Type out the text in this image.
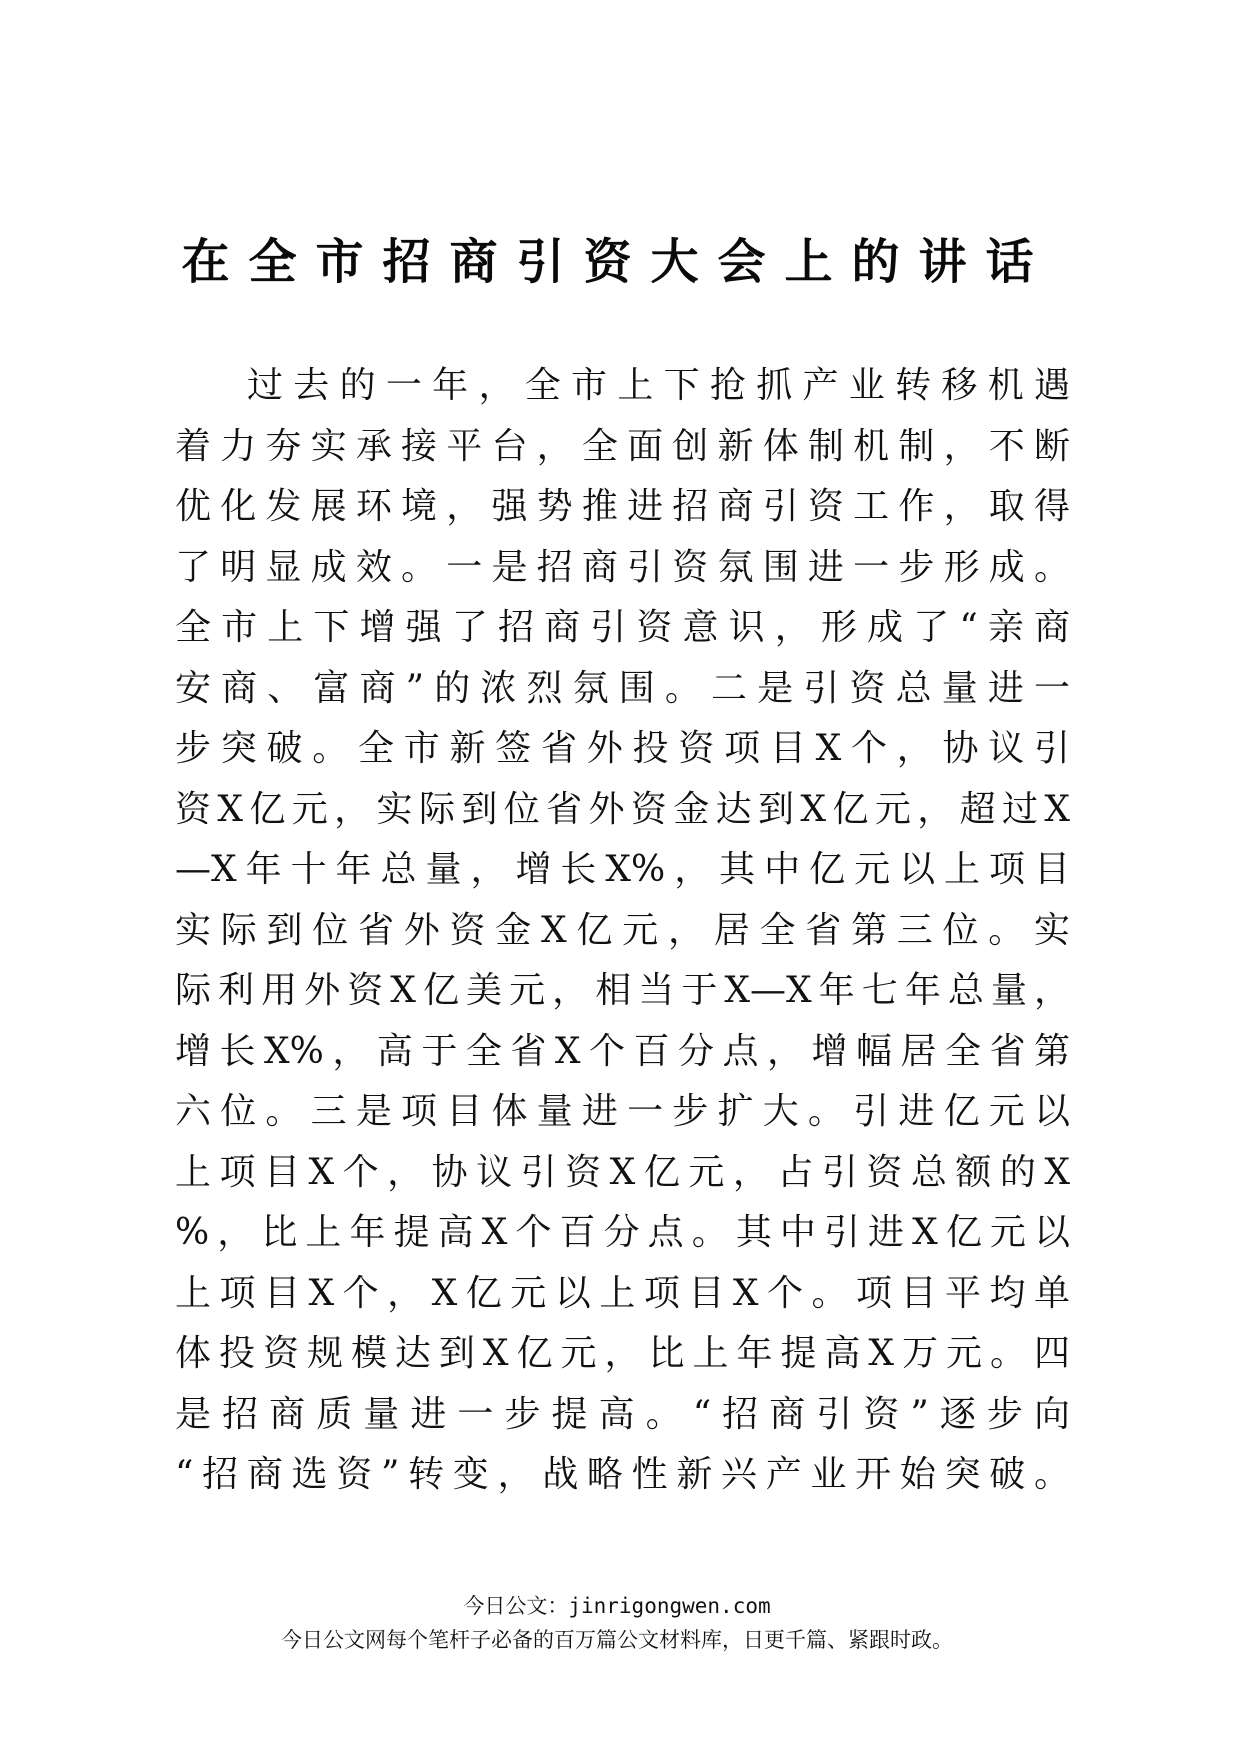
在全市招商引资大会上的讲话
过去的一年，全市上下抢抓产业转移机遇
着力夯实承接平台，全面创新体制机制，不断
优化发展环境，强势推进招商引资工作，取得
了明显成效。一是招商引资氛围进一步形成。
全市上下增强了招商引资意识，形成了“亲商
安商、富商”的浓烈氛围。二是引资总量进一
步突破。全市新签省外投资项目X个，协议引
资X亿元，实际到位省外资金达到X亿元，超过X
—X年十年总量，增长X%，其中亿元以上项目
实际到位省外资金X亿元，居全省第三位。实
际利用外资X亿美元，相当于X—X年七年总量，
增长X%，高于全省X个百分点，增幅居全省第
六位。三是项目体量进一步扩大。引进亿元以
上项目X个，协议引资X亿元，占引资总额的X
%，比上年提高X个百分点。其中引进X亿元以
上项目X个，X亿元以上项目X个。项目平均单
体投资规模达到X亿元，比上年提高X万元。四
是招商质量进一步提高。“招商引资”逐步向
“招商选资”转变，战略性新兴产业开始突破。
今日公文：jinrigongwen.com
今日公文网每个笔杆子必备的百万篇公文材料库，日更千篇、紧跟时政。
